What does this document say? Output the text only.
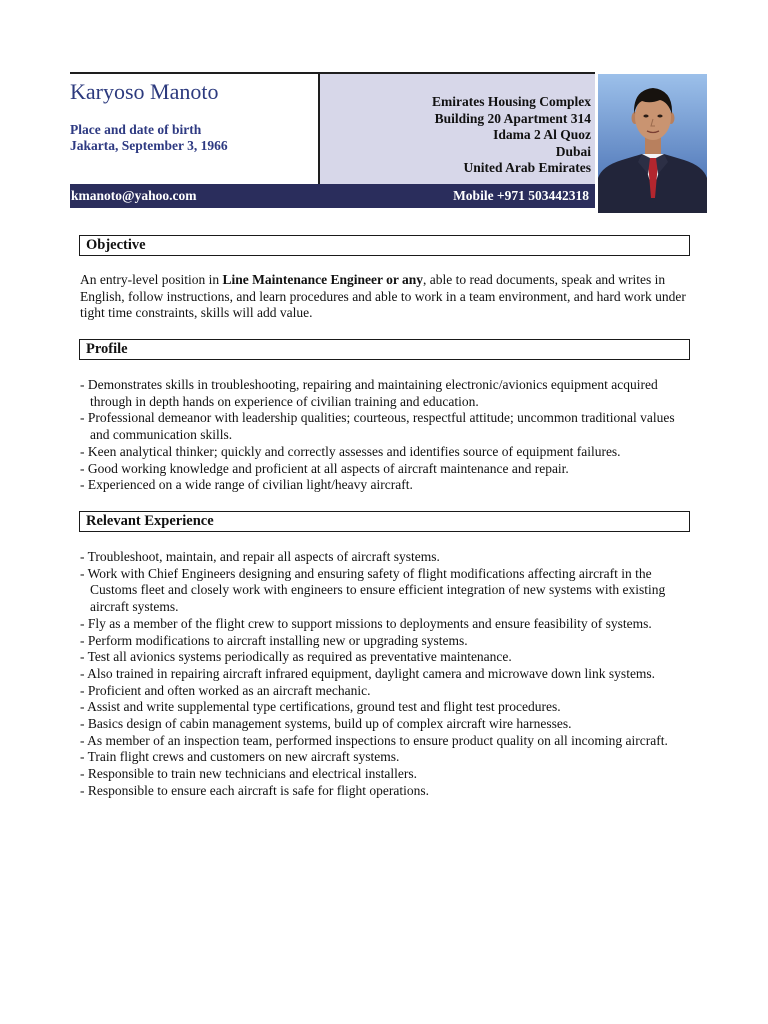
Karyoso Manoto
Place and date of birth
Jakarta, September 3, 1966
Emirates Housing Complex
Building 20 Apartment 314
Idama 2 Al Quoz
Dubai
United Arab Emirates
kmanoto@yahoo.com	Mobile +971 503442318
Objective

An entry-level position in Line Maintenance Engineer or any, able to read documents, speak and writes in English, follow instructions, and learn procedures and able to work in a team environment, and hard work under tight time constraints, skills will add value.

Profile
- Demonstrates skills in troubleshooting, repairing and maintaining electronic/avionics equipment acquired through in depth hands on experience of civilian training and education.
- Professional demeanor with leadership qualities; courteous, respectful attitude; uncommon traditional values and communication skills.
- Keen analytical thinker; quickly and correctly assesses and identifies source of equipment failures.
- Good working knowledge and proficient at all aspects of aircraft maintenance and repair.
- Experienced on a wide range of civilian light/heavy aircraft.
Relevant Experience
- Troubleshoot, maintain, and repair all aspects of aircraft systems.
- Work with Chief Engineers designing and ensuring safety of flight modifications affecting aircraft in the Customs fleet and closely work with engineers to ensure efficient integration of new systems with existing aircraft systems.
- Fly as a member of the flight crew to support missions to deployments and ensure feasibility of systems.
- Perform modifications to aircraft installing new or upgrading systems.
- Test all avionics systems periodically as required as preventative maintenance.
- Also trained in repairing aircraft infrared equipment, daylight camera and microwave down link systems.
- Proficient and often worked as an aircraft mechanic.
- Assist and write supplemental type certifications, ground test and flight test procedures.
- Basics design of cabin management systems, build up of complex aircraft wire harnesses.
- As member of an inspection team, performed inspections to ensure product quality on all incoming aircraft.
- Train flight crews and customers on new aircraft systems.
- Responsible to train new technicians and electrical installers.
- Responsible to ensure each aircraft is safe for flight operations.
